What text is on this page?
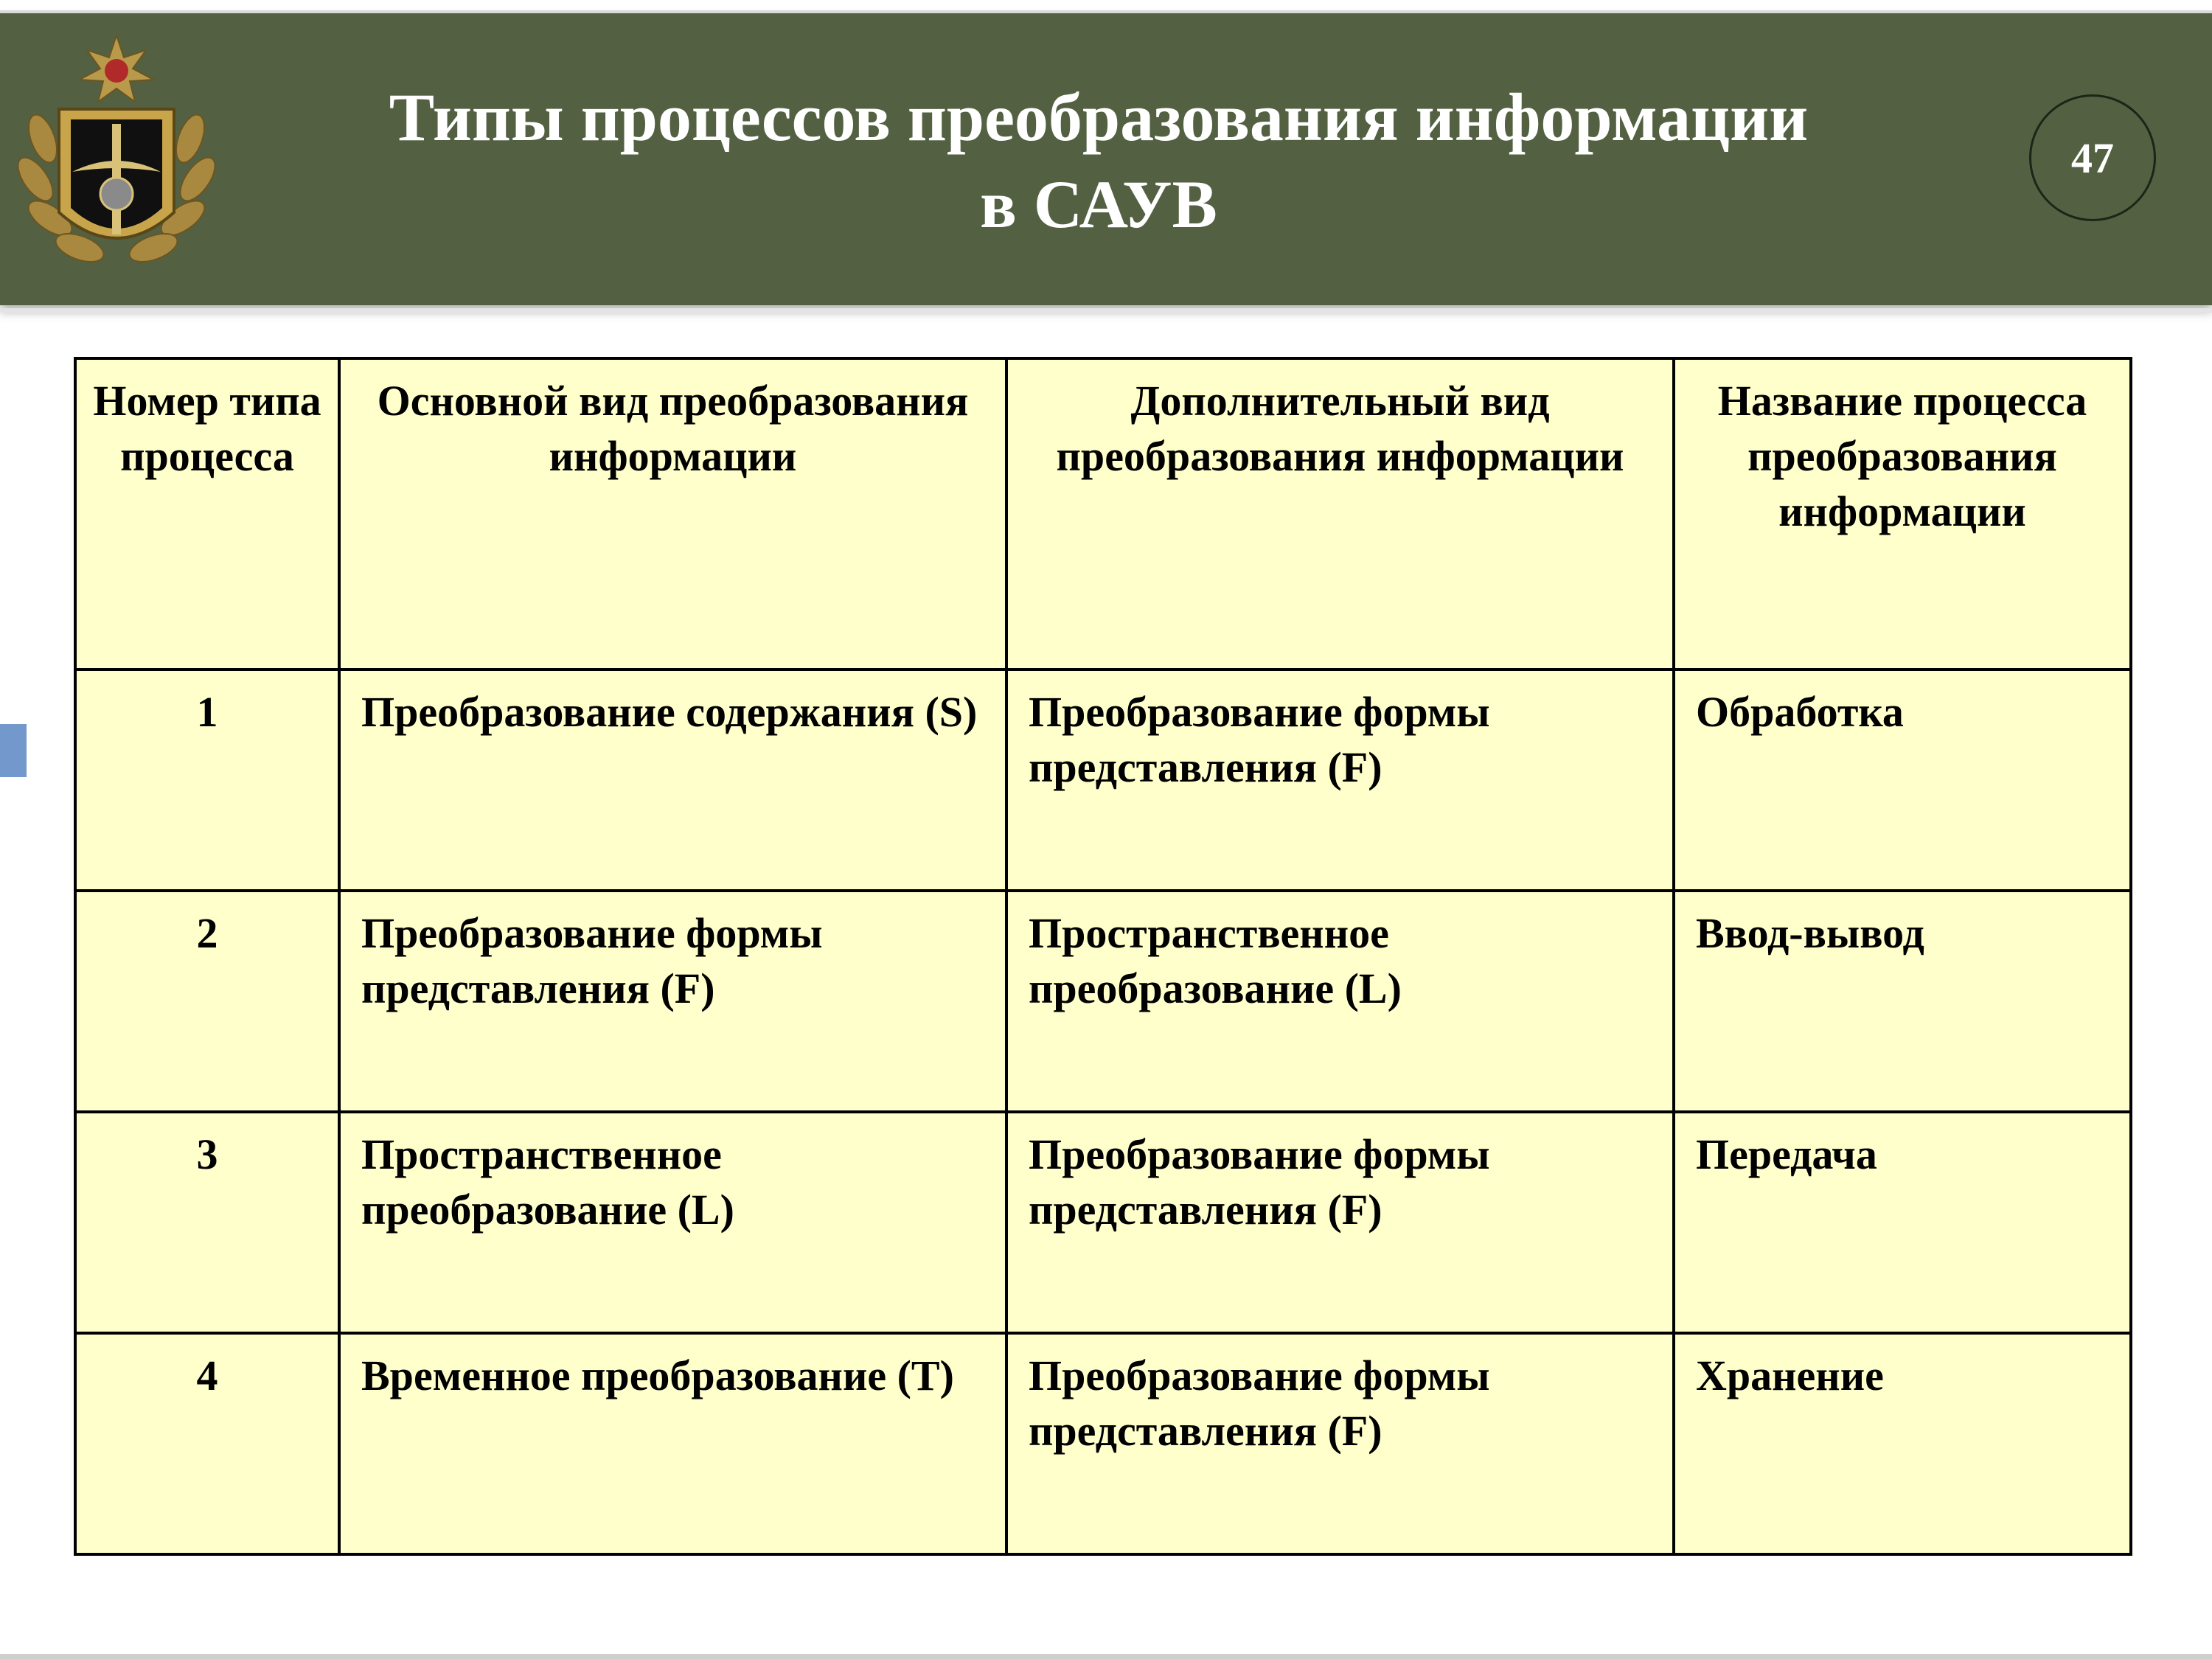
Типы процессов преобразования информации
в САУВ
47
Номер типа процесса	Основной вид преобразования информации	Дополнительный вид преобразования информации	Название процесса преобразования информации
1	Преобразование содержания (S)	Преобразование формы представления (F)	Обработка
2	Преобразование формы представления (F)	Пространственное преобразование (L)	Ввод-вывод
3	Пространственное преобразование (L)	Преобразование формы представления (F)	Передача
4	Временное преобразование (T)	Преобразование формы представления (F)	Хранение
